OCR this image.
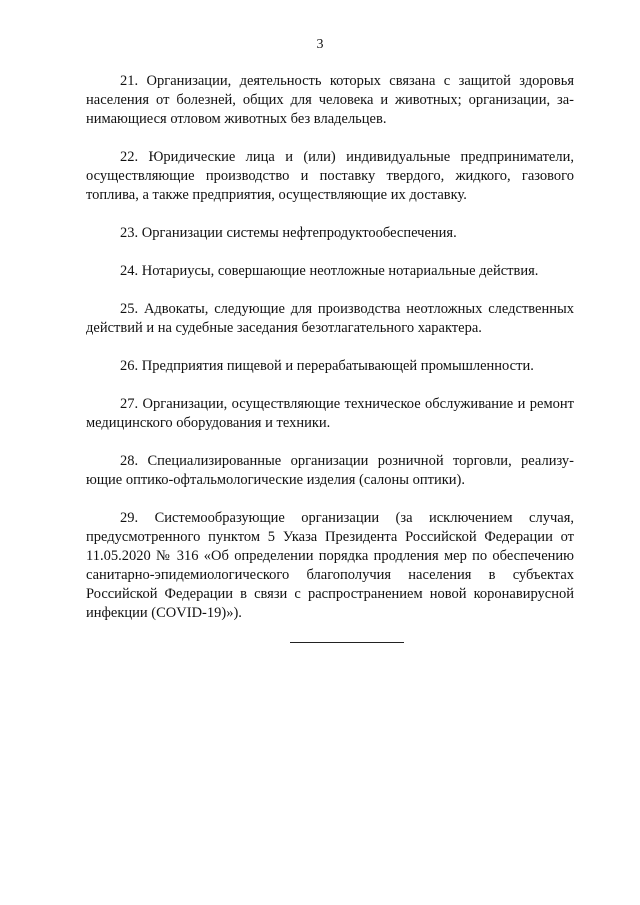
3

21. Организации, деятельность которых связана с защитой здоровья населения от болезней, общих для человека и животных; организации, занимающиеся отловом животных без владельцев.

22. Юридические лица и (или) индивидуальные предприниматели, осуществляющие производство и поставку твердого, жидкого, газового топлива, а также предприятия, осуществляющие их доставку.

23. Организации системы нефтепродуктообеспечения.

24. Нотариусы, совершающие неотложные нотариальные действия.

25. Адвокаты, следующие для производства неотложных следственных действий и на судебные заседания безотлагательного характера.

26. Предприятия пищевой и перерабатывающей промышленности.

27. Организации, осуществляющие техническое обслуживание и ремонт медицинского оборудования и техники.

28. Специализированные организации розничной торговли, реализующие оптико-офтальмологические изделия (салоны оптики).

29. Системообразующие организации (за исключением случая, предусмотренного пунктом 5 Указа Президента Российской Федерации от 11.05.2020 № 316 «Об определении порядка продления мер по обеспечению санитарно-эпидемиологического благополучия населения в субъектах Российской Федерации в связи с распространением новой коронавирусной инфекции (COVID-19)»).
